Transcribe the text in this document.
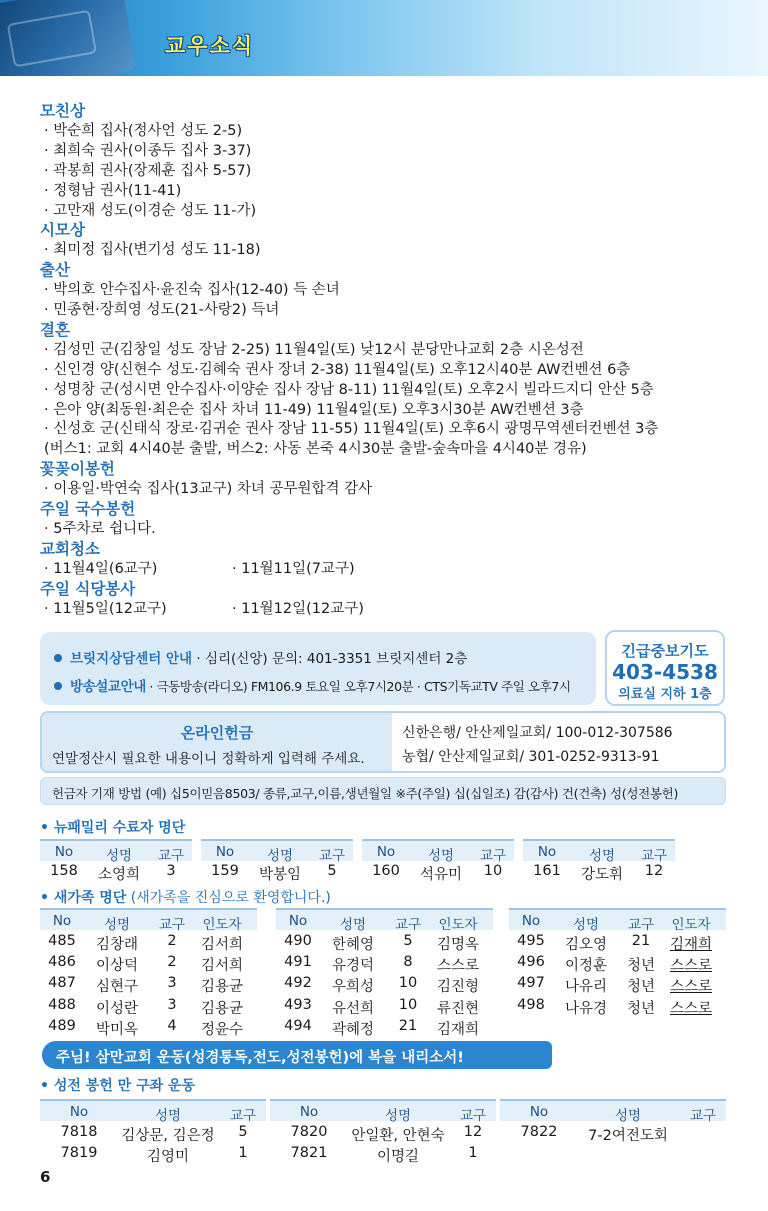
교우소식
모친상
· 박순희 집사(정사언 성도 2-5)
· 최희숙 권사(이종두 집사 3-37)
· 곽봉희 권사(장제훈 집사 5-57)
· 정형남 권사(11-41)
· 고만재 성도(이경순 성도 11-가)
시모상
· 최미정 집사(변기성 성도 11-18)
출산
· 박의호 안수집사·윤진숙 집사(12-40) 득 손녀
· 민종현·장희영 성도(21-사랑2) 득녀
결혼
· 김성민 군(김창일 성도 장남 2-25) 11월4일(토) 낮12시 분당만나교회 2층 시온성전
· 신인경 양(신현수 성도·김혜숙 권사 장녀 2-38) 11월4일(토) 오후12시40분 AW컨벤션 6층
· 성명창 군(성시면 안수집사·이양순 집사 장남 8-11) 11월4일(토) 오후2시 빌라드지디 안산 5층
· 은아 양(최동원·최은순 집사 차녀 11-49) 11월4일(토) 오후3시30분 AW컨벤션 3층
· 신성호 군(신태식 장로·김귀순 권사 장남 11-55) 11월4일(토) 오후6시 광명무역센터컨벤션 3층
(버스1: 교회 4시40분 출발, 버스2: 사동 본죽 4시30분 출발-숲속마을 4시40분 경유)
꽃꽂이봉헌
· 이용일·박연숙 집사(13교구) 차녀 공무원합격 감사
주일 국수봉헌
· 5주차로 쉽니다.
교회청소
· 11월4일(6교구)	· 11월11일(7교구)
주일 식당봉사
· 11월5일(12교구)	· 11월12일(12교구)
브릿지상담센터 안내 · 심리(신앙) 문의: 401-3351 브릿지센터 2층
방송설교안내 · 극동방송(라디오) FM106.9 토요일 오후7시20분 · CTS기독교TV 주일 오후7시
긴급중보기도
403-4538
의료실 지하 1층
온라인헌금
연말정산시 필요한 내용이니 정확하게 입력해 주세요.
신한은행/ 안산제일교회/ 100-012-307586
농협/ 안산제일교회/ 301-0252-9313-91
헌금자 기재 방법 (예) 십5이믿음8503/ 종류,교구,이름,생년월일 ※주(주일) 십(십일조) 감(감사) 건(건축) 성(성전봉헌)
• 뉴패밀리 수료자 명단
No	성명	교구
158	소영희	3
No	성명	교구
159	박봉임	5
No	성명	교구
160	석유미	10
No	성명	교구
161	강도휘	12
• 새가족 명단 (새가족을 진심으로 환영합니다.)
No	성명	교구	인도자
485	김창래	2	김서희
486	이상덕	2	김서희
487	심현구	3	김용균
488	이성란	3	김용균
489	박미옥	4	정윤수
No	성명	교구	인도자
490	한혜영	5	김명옥
491	유경덕	8	스스로
492	우희성	10	김진형
493	유선희	10	류진현
494	곽혜정	21	김재희
No	성명	교구	인도자
495	김오영	21	김재희
496	이정훈	청년	스스로
497	나유리	청년	스스로
498	나유경	청년	스스로
주님! 삼만교회 운동(성경통독,전도,성전봉헌)에 복을 내리소서!
• 성전 봉헌 만 구좌 운동
No	성명	교구
7818	김상문, 김은정	5
7819	김영미	1
No	성명	교구
7820	안일환, 안현숙	12
7821	이명길	1
No	성명	교구
7822	7-2여전도회
6
